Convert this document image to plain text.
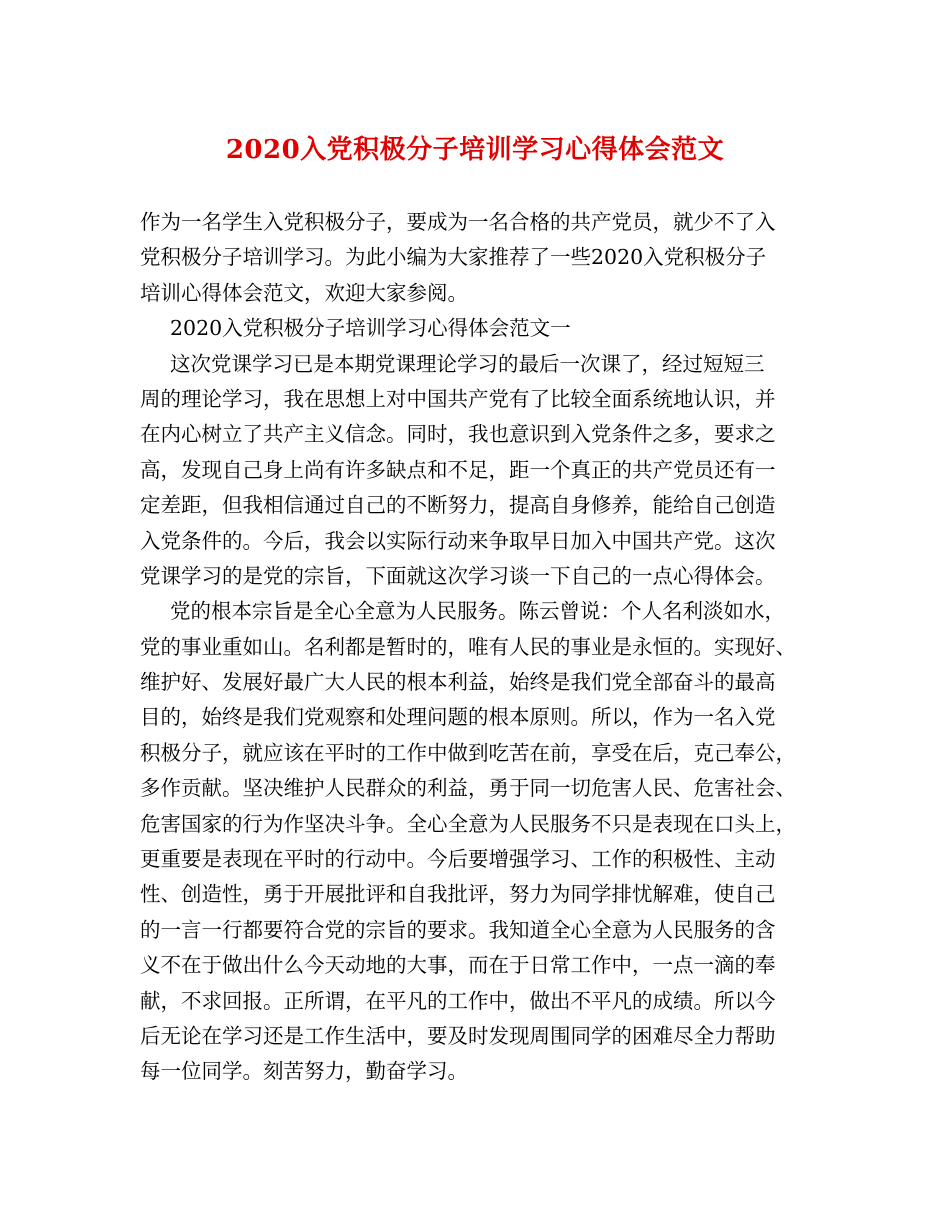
2020入党积极分子培训学习心得体会范文
作为一名学生入党积极分子，要成为一名合格的共产党员，就少不了入
党积极分子培训学习。为此小编为大家推荐了一些2020入党积极分子
培训心得体会范文，欢迎大家参阅。
2020入党积极分子培训学习心得体会范文一
这次党课学习已是本期党课理论学习的最后一次课了，经过短短三
周的理论学习，我在思想上对中国共产党有了比较全面系统地认识，并
在内心树立了共产主义信念。同时，我也意识到入党条件之多，要求之
高，发现自己身上尚有许多缺点和不足，距一个真正的共产党员还有一
定差距，但我相信通过自己的不断努力，提高自身修养，能给自己创造
入党条件的。今后，我会以实际行动来争取早日加入中国共产党。这次
党课学习的是党的宗旨，下面就这次学习谈一下自己的一点心得体会。
党的根本宗旨是全心全意为人民服务。陈云曾说：个人名利淡如水，
党的事业重如山。名利都是暂时的，唯有人民的事业是永恒的。实现好、
维护好、发展好最广大人民的根本利益，始终是我们党全部奋斗的最高
目的，始终是我们党观察和处理问题的根本原则。所以，作为一名入党
积极分子，就应该在平时的工作中做到吃苦在前，享受在后，克己奉公，
多作贡献。坚决维护人民群众的利益，勇于同一切危害人民、危害社会、
危害国家的行为作坚决斗争。全心全意为人民服务不只是表现在口头上，
更重要是表现在平时的行动中。今后要增强学习、工作的积极性、主动
性、创造性，勇于开展批评和自我批评，努力为同学排忧解难，使自己
的一言一行都要符合党的宗旨的要求。我知道全心全意为人民服务的含
义不在于做出什么今天动地的大事，而在于日常工作中，一点一滴的奉
献，不求回报。正所谓，在平凡的工作中，做出不平凡的成绩。所以今
后无论在学习还是工作生活中，要及时发现周围同学的困难尽全力帮助
每一位同学。刻苦努力，勤奋学习。
